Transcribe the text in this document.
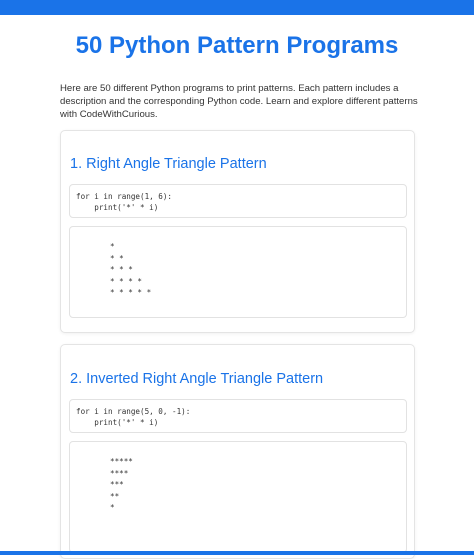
50 Python Pattern Programs

Here are 50 different Python programs to print patterns. Each pattern includes a description and the corresponding Python code. Learn and explore different patterns with CodeWithCurious.

1. Right Angle Triangle Pattern
for i in range(1, 6):
print('*' * i)
*
* *
* * *
* * * *
* * * * *
2. Inverted Right Angle Triangle Pattern
for i in range(5, 0, -1):
print('*' * i)
*****
****
***
**
*
